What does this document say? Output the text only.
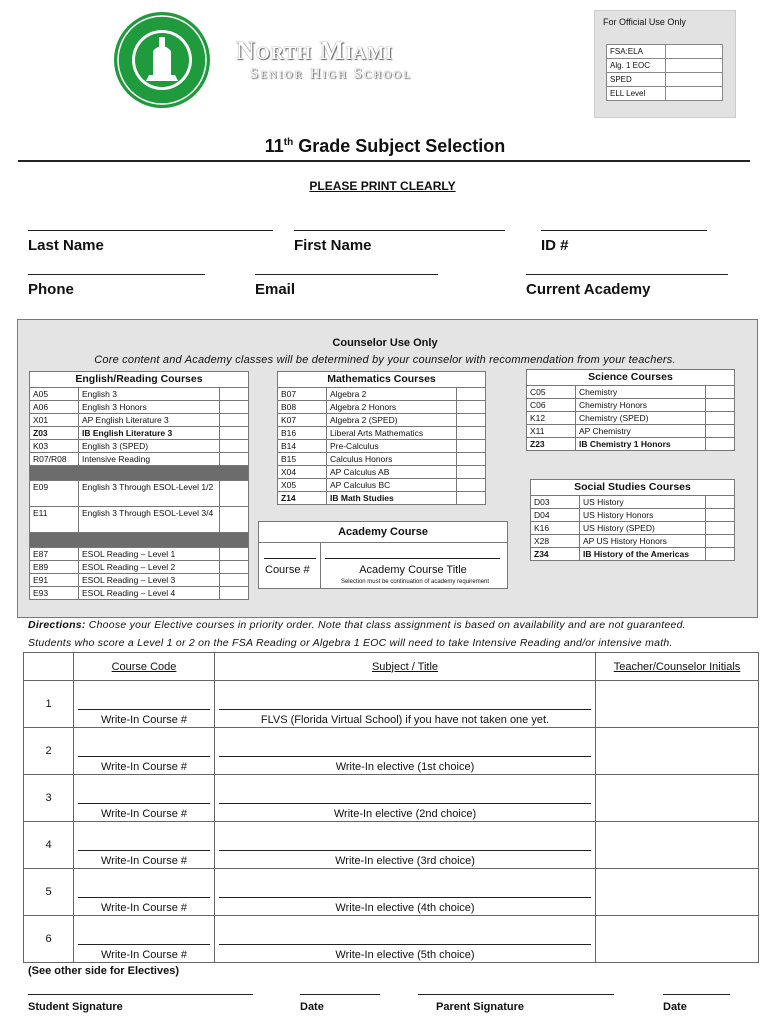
North Miami
Senior High School
For Official Use Only
FSA:ELA	
Alg. 1 EOC	
SPED	
ELL Level	
11th Grade Subject Selection
PLEASE PRINT CLEARLY
Last Name	First Name	ID #
Phone	Email	Current Academy
Counselor Use Only
Core content and Academy classes will be determined by your counselor with recommendation from your teachers.
English/Reading Courses		
A05	English 3	
A06	English 3 Honors	
X01	AP English Literature 3	
Z03	IB English Literature 3	
K03	English 3 (SPED)	
R07/R08	Intensive Reading	

E09	English 3 Through ESOL-Level 1/2	
E11	English 3 Through ESOL-Level 3/4	

E87	ESOL Reading – Level 1	
E89	ESOL Reading – Level 2	
E91	ESOL Reading – Level 3	
E93	ESOL Reading – Level 4	
Mathematics Courses		
B07	Algebra 2	
B08	Algebra 2 Honors	
K07	Algebra 2 (SPED)	
B16	Liberal Arts Mathematics	
B14	Pre-Calculus	
B15	Calculus Honors	
X04	AP Calculus AB	
X05	AP Calculus BC	
Z14	IB Math Studies	
Science Courses		
C05	Chemistry	
C06	Chemistry Honors	
K12	Chemistry (SPED)	
X11	AP Chemistry	
Z23	IB Chemistry 1 Honors	
Social Studies Courses		
D03	US History	
D04	US History Honors	
K16	US History (SPED)	
X28	AP US History Honors	
Z34	IB History of the Americas	
Academy Course
Course #	Academy Course Title
Selection must be continuation of academy requirement
Directions: Choose your Elective courses in priority order. Note that class assignment is based on availability and are not guaranteed.
Students who score a Level 1 or 2 on the FSA Reading or Algebra 1 EOC will need to take Intensive Reading and/or intensive math.
	Course Code	Subject / Title	Teacher/Counselor Initials
1	Write-In Course #	FLVS (Florida Virtual School) if you have not taken one yet.	

2	Write-In Course #	Write-In elective (1st choice)	

3	Write-In Course #	Write-In elective (2nd choice)	

4	Write-In Course #	Write-In elective (3rd choice)	

5	Write-In Course #	Write-In elective (4th choice)	

6	Write-In Course #	Write-In elective (5th choice)	

(See other side for Electives)
Student Signature	Date	Parent Signature	Date
